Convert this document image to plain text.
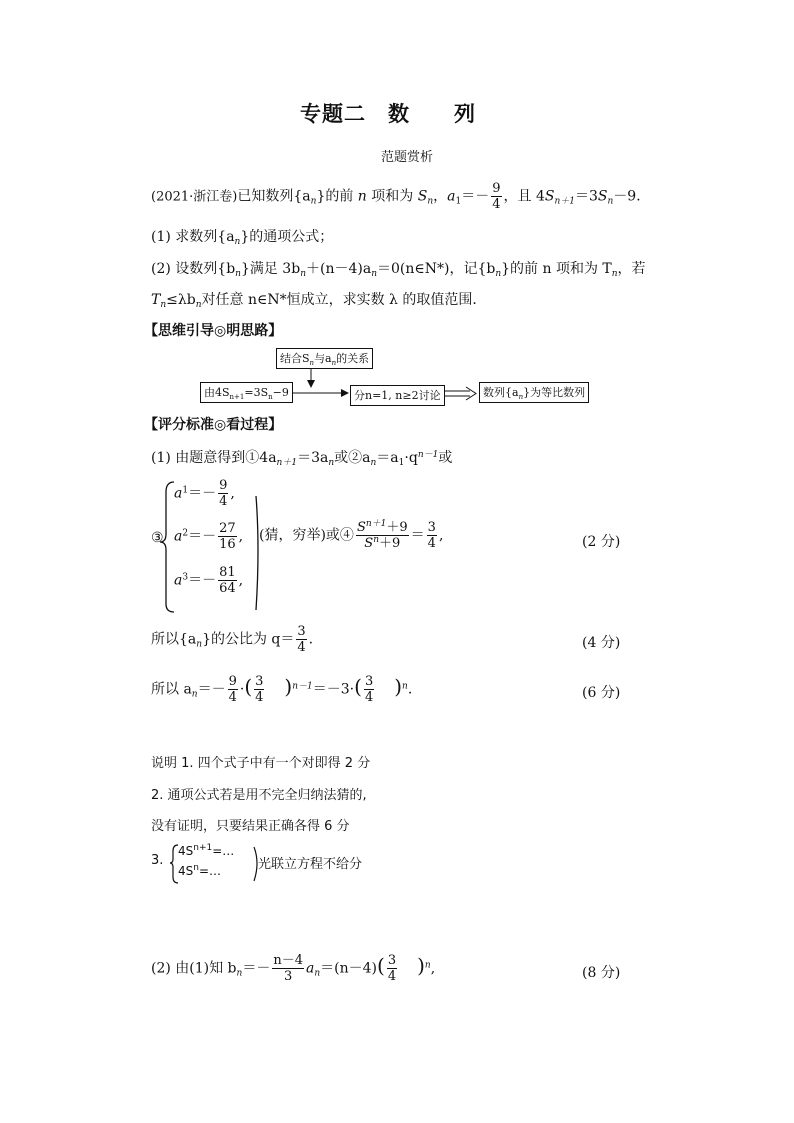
专题二　数　　列
范题赏析
(2021·浙江卷)已知数列$\{a_n\}$的前 n 项和为 $S_n$，$a_1=- \frac{9}{4}$ ，且 $4S_{n+1}=3S_n-9$．
(1) 求数列$\{a_n\}$的通项公式；
(2) 设数列$\{b_n\}$满足 $3b_n+(n-4)a_n=0(n\in N*)$，记$\{b_n\}$的前 n 项和为 $T_n$，若
$T_n\le\lambda b_n$对任意 n∈N*恒成立，求实数 λ 的取值范围．
【思维引导◎明思路】
结合$S_n$与$a_n$的关系
由$4S_{n+1}=3S_n-9$	分n=1, n≥2讨论	数列$\{a_n\}$为等比数列
【评分标准◎看过程】
(1) 由题意得到$①4a_{n+1}=3a_n$或$②a_n=a_1\cdot q^{n-1}$或
③
$a^1=- \frac{9}{4}$ ,
$a^2=- \frac{27}{16}$ ,
$a^3=- \frac{81}{64}$ ,
(猜，穷举)或④ $\frac{S^{n+1}+9}{S^n+9} = \frac{3}{4}$ ,	(2 分)
所以$\{a_n\}$的公比为 $q= \frac{3}{4}$ .	(4 分)
所以 $a_n=- \frac{9}{4}$ ·( $\frac{3}{4} )^{n-1}=-3\cdot( \frac{3}{4} )^n$.	(6 分)
说明 1. 四个式子中有一个对即得 2 分
2. 通项公式若是用不完全归纳法猜的,
没有证明，只要结果正确各得 6 分
3.
$4S^{n+1}=\dots$
$4S^n=\dots$	光联立方程不给分
(2) 由(1)知 $b_n=- \frac{n-4}{3} a_n=(n-4)( \frac{3}{4} )^n$,	(8 分)
